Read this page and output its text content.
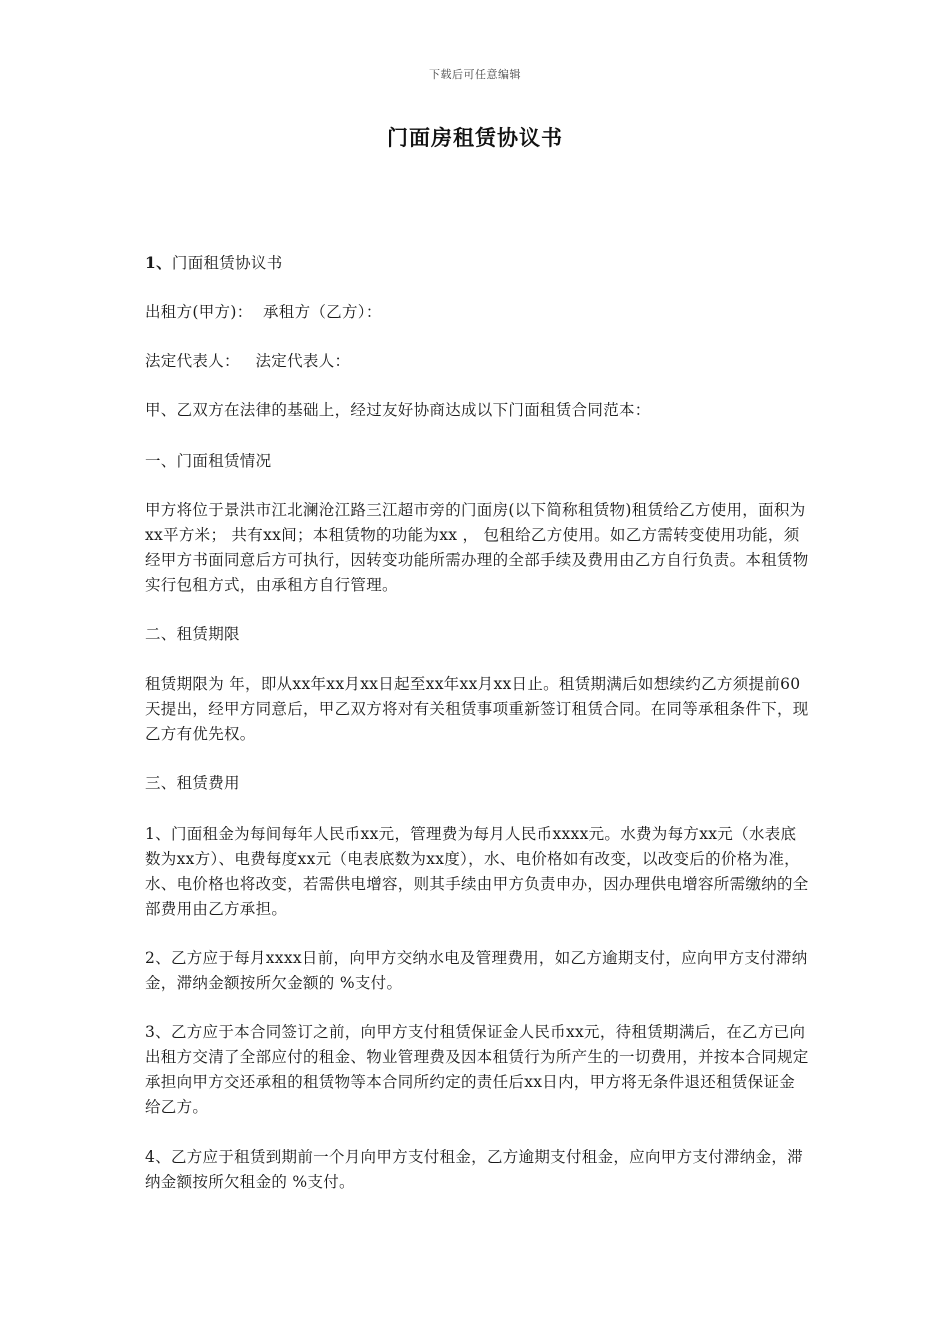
下载后可任意编辑
门面房租赁协议书

1、门面租赁协议书

出租方(甲方)： 承租方（乙方）：

法定代表人： 法定代表人：

甲、乙双方在法律的基础上，经过友好协商达成以下门面租赁合同范本：

一、门面租赁情况

甲方将位于景洪市江北澜沧江路三江超市旁的门面房(以下简称租赁物)租赁给乙方使用，面积为xx平方米； 共有xx间；本租赁物的功能为xx ， 包租给乙方使用。如乙方需转变使用功能，须经甲方书面同意后方可执行，因转变功能所需办理的全部手续及费用由乙方自行负责。本租赁物实行包租方式，由承租方自行管理。

二、租赁期限

租赁期限为 年，即从xx年xx月xx日起至xx年xx月xx日止。租赁期满后如想续约乙方须提前60天提出，经甲方同意后，甲乙双方将对有关租赁事项重新签订租赁合同。在同等承租条件下，现乙方有优先权。

三、租赁费用

1、门面租金为每间每年人民币xx元，管理费为每月人民币xxxx元。水费为每方xx元（水表底数为xx方）、电费每度xx元（电表底数为xx度），水、电价格如有改变，以改变后的价格为准，水、电价格也将改变，若需供电增容，则其手续由甲方负责申办，因办理供电增容所需缴纳的全部费用由乙方承担。

2、乙方应于每月xxxx日前，向甲方交纳水电及管理费用，如乙方逾期支付，应向甲方支付滞纳金，滞纳金额按所欠金额的 %支付。

3、乙方应于本合同签订之前，向甲方支付租赁保证金人民币xx元，待租赁期满后，在乙方已向出租方交清了全部应付的租金、物业管理费及因本租赁行为所产生的一切费用，并按本合同规定承担向甲方交还承租的租赁物等本合同所约定的责任后xx日内，甲方将无条件退还租赁保证金给乙方。

4、乙方应于租赁到期前一个月向甲方支付租金，乙方逾期支付租金，应向甲方支付滞纳金，滞纳金额按所欠租金的 %支付。
